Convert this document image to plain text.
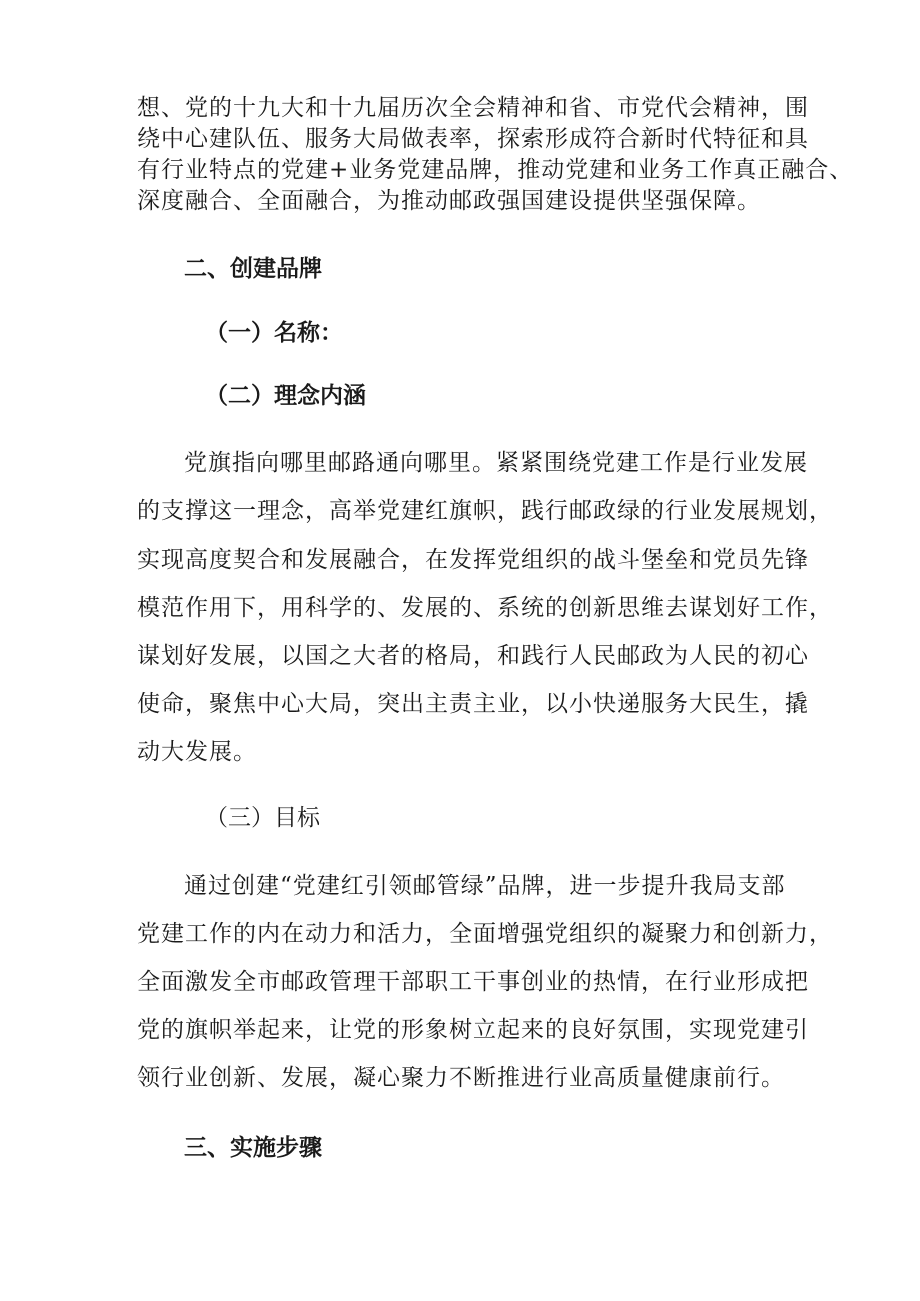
想、党的十九大和十九届历次全会精神和省、市党代会精神，围
绕中心建队伍、服务大局做表率，探索形成符合新时代特征和具
有行业特点的党建+业务党建品牌，推动党建和业务工作真正融合、
深度融合、全面融合，为推动邮政强国建设提供坚强保障。
二、创建品牌
（一）名称：
（二）理念内涵
党旗指向哪里邮路通向哪里。紧紧围绕党建工作是行业发展
的支撑这一理念，高举党建红旗帜，践行邮政绿的行业发展规划，
实现高度契合和发展融合，在发挥党组织的战斗堡垒和党员先锋
模范作用下，用科学的、发展的、系统的创新思维去谋划好工作，
谋划好发展，以国之大者的格局，和践行人民邮政为人民的初心
使命，聚焦中心大局，突出主责主业，以小快递服务大民生，撬
动大发展。
（三）目标
通过创建“党建红引领邮管绿”品牌，进一步提升我局支部
党建工作的内在动力和活力，全面增强党组织的凝聚力和创新力，
全面激发全市邮政管理干部职工干事创业的热情，在行业形成把
党的旗帜举起来，让党的形象树立起来的良好氛围，实现党建引
领行业创新、发展，凝心聚力不断推进行业高质量健康前行。
三、实施步骤
